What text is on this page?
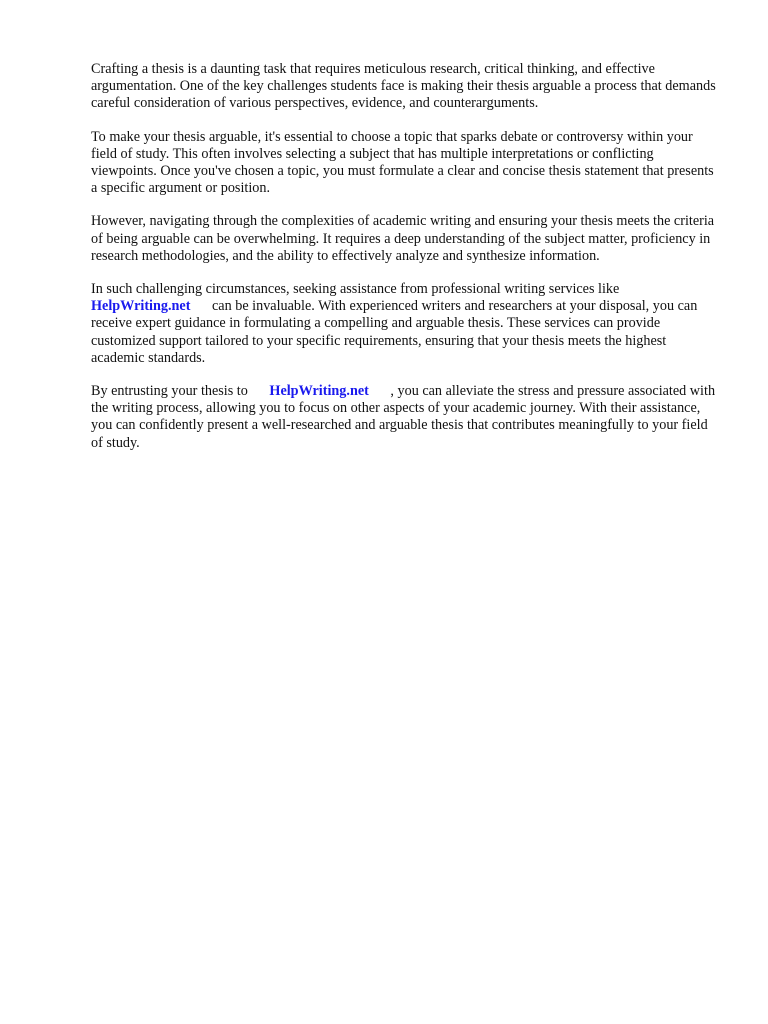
Crafting a thesis is a daunting task that requires meticulous research, critical thinking, and effective argumentation. One of the key challenges students face is making their thesis arguable a process that demands careful consideration of various perspectives, evidence, and counterarguments.

To make your thesis arguable, it's essential to choose a topic that sparks debate or controversy within your field of study. This often involves selecting a subject that has multiple interpretations or conflicting viewpoints. Once you've chosen a topic, you must formulate a clear and concise thesis statement that presents a specific argument or position.

However, navigating through the complexities of academic writing and ensuring your thesis meets the criteria of being arguable can be overwhelming. It requires a deep understanding of the subject matter, proficiency in research methodologies, and the ability to effectively analyze and synthesize information.

In such challenging circumstances, seeking assistance from professional writing services like
HelpWriting.net can be invaluable. With experienced writers and researchers at your disposal, you can receive expert guidance in formulating a compelling and arguable thesis. These services can provide customized support tailored to your specific requirements, ensuring that your thesis meets the highest academic standards.

By entrusting your thesis to HelpWriting.net , you can alleviate the stress and pressure associated with the writing process, allowing you to focus on other aspects of your academic journey. With their assistance, you can confidently present a well-researched and arguable thesis that contributes meaningfully to your field of study.
